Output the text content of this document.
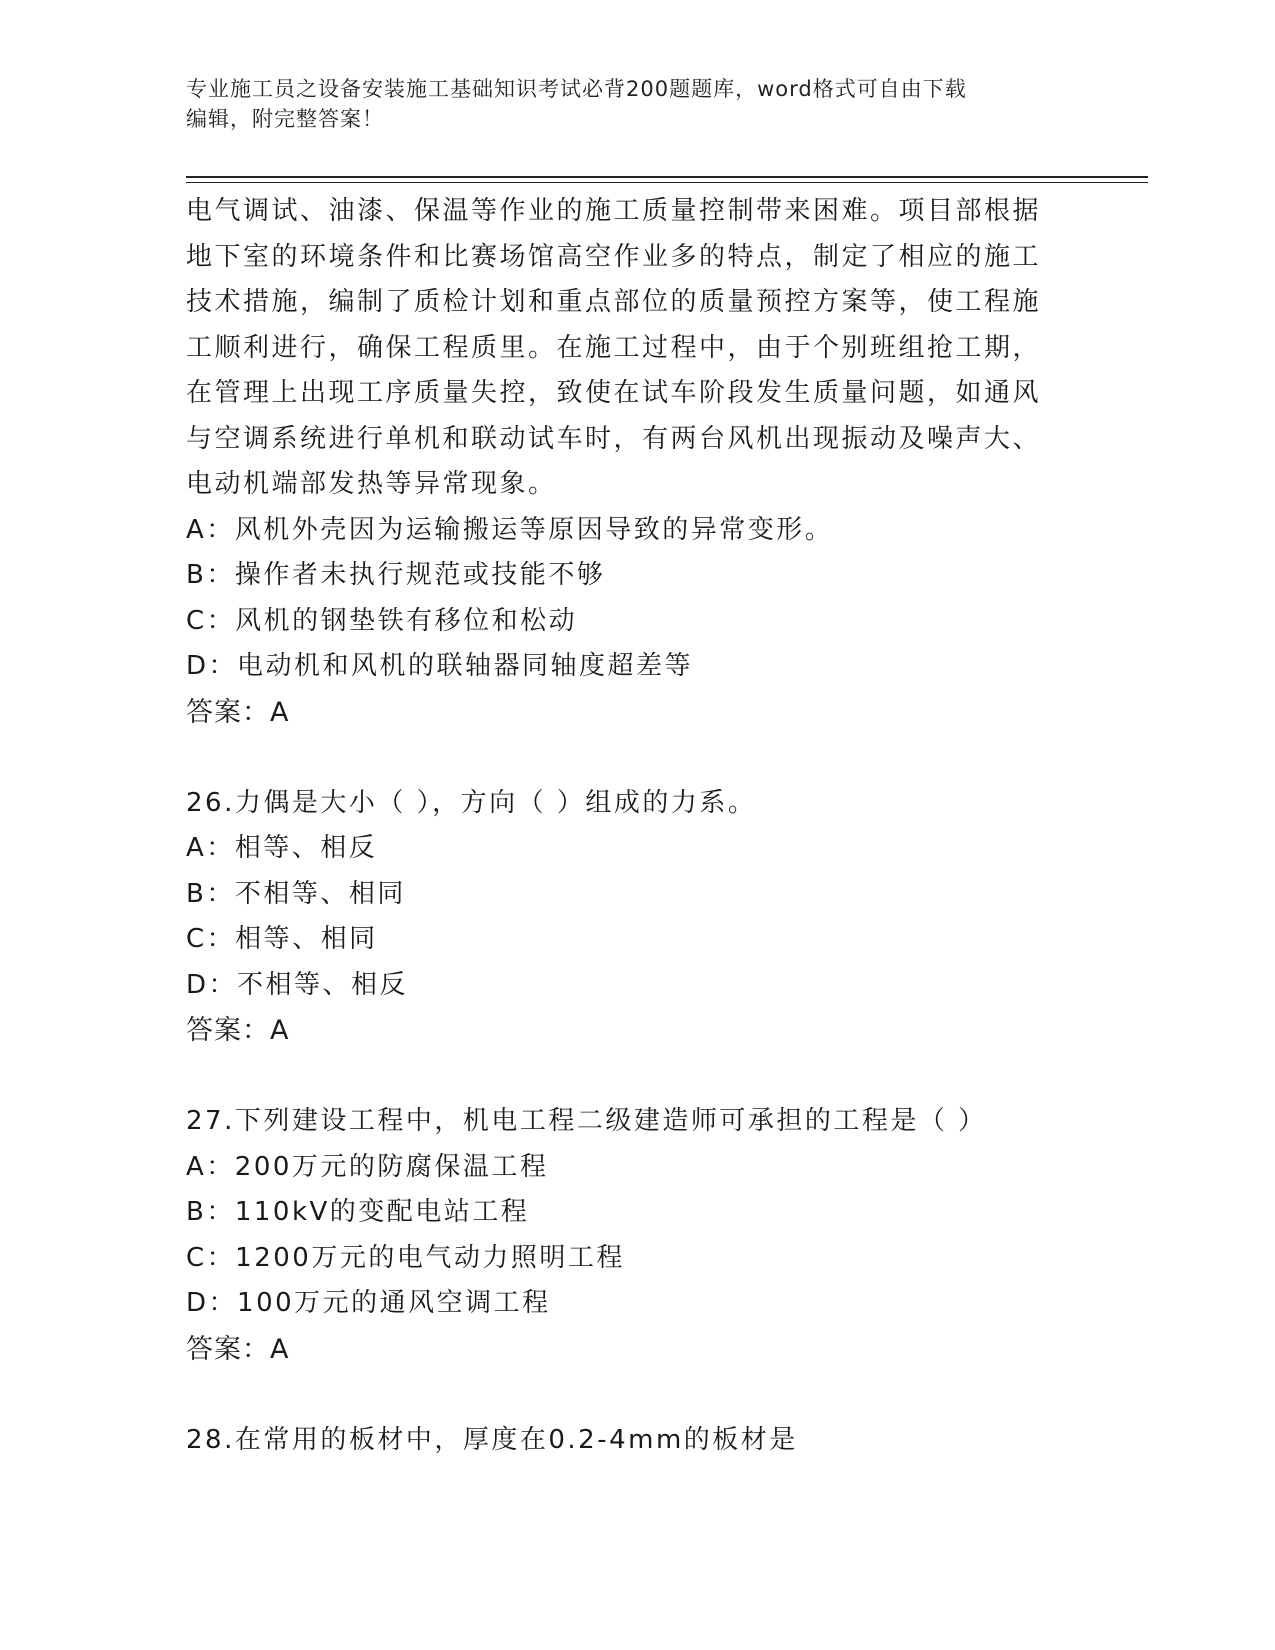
专业施工员之设备安装施工基础知识考试必背200题题库，word格式可自由下载
编辑，附完整答案！
电气调试、油漆、保温等作业的施工质量控制带来困难。项目部根据
地下室的环境条件和比赛场馆高空作业多的特点，制定了相应的施工
技术措施，编制了质检计划和重点部位的质量预控方案等，使工程施
工顺利进行，确保工程质里。在施工过程中，由于个别班组抢工期，
在管理上出现工序质量失控，致使在试车阶段发生质量问题，如通风
与空调系统进行单机和联动试车时，有两台风机出现振动及噪声大、
电动机端部发热等异常现象。
A：风机外壳因为运输搬运等原因导致的异常变形。
B：操作者未执行规范或技能不够
C：风机的钢垫铁有移位和松动
D：电动机和风机的联轴器同轴度超差等
答案：A
26.力偶是大小（ ），方向（ ）组成的力系。
A：相等、相反
B：不相等、相同
C：相等、相同
D：不相等、相反
答案：A
27.下列建设工程中，机电工程二级建造师可承担的工程是（ ）
A：200万元的防腐保温工程
B：110kV的变配电站工程
C：1200万元的电气动力照明工程
D：100万元的通风空调工程
答案：A
28.在常用的板材中，厚度在0.2-4mm的板材是
